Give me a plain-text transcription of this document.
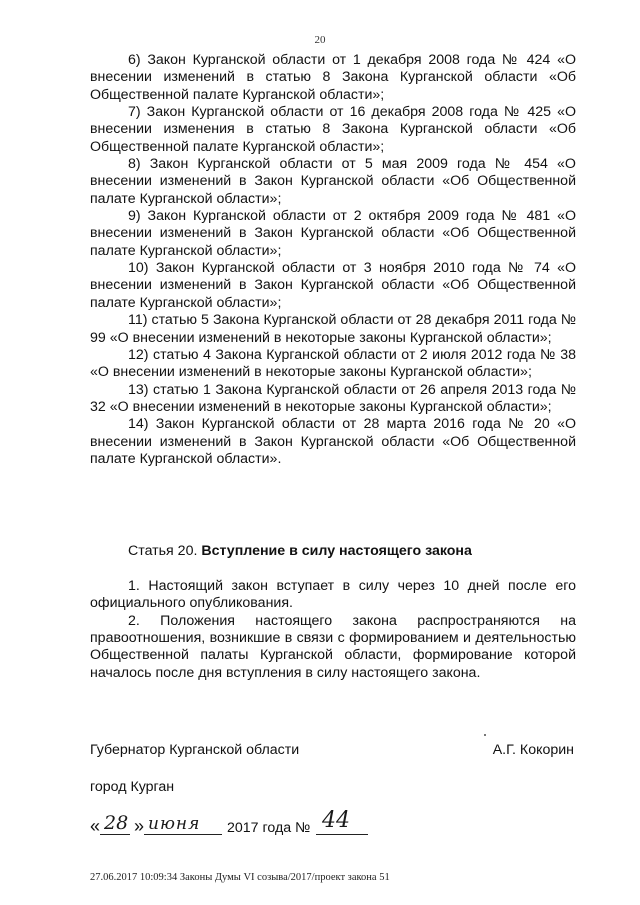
20

6) Закон Курганской области от 1 декабря 2008 года № 424 «О внесении изменений в статью 8 Закона Курганской области «Об Общественной палате Курганской области»;

7) Закон Курганской области от 16 декабря 2008 года № 425 «О внесении изменения в статью 8 Закона Курганской области «Об Общественной палате Курганской области»;

8) Закон Курганской области от 5 мая 2009 года № 454 «О внесении изменений в Закон Курганской области «Об Общественной палате Курганской области»;

9) Закон Курганской области от 2 октября 2009 года № 481 «О внесении изменений в Закон Курганской области «Об Общественной палате Курганской области»;

10) Закон Курганской области от 3 ноября 2010 года № 74 «О внесении изменений в Закон Курганской области «Об Общественной палате Курганской области»;

11) статью 5 Закона Курганской области от 28 декабря 2011 года № 99 «О внесении изменений в некоторые законы Курганской области»;

12) статью 4 Закона Курганской области от 2 июля 2012 года № 38 «О внесении изменений в некоторые законы Курганской области»;

13) статью 1 Закона Курганской области от 26 апреля 2013 года № 32 «О внесении изменений в некоторые законы Курганской области»;

14) Закон Курганской области от 28 марта 2016 года № 20 «О внесении изменений в Закон Курганской области «Об Общественной палате Курганской области».

Статья 20. Вступление в силу настоящего закона

1. Настоящий закон вступает в силу через 10 дней после его официального опубликования.

2. Положения настоящего закона распространяются на правоотношения, возникшие в связи с формированием и деятельностью Общественной палаты Курганской области, формирование которой началось после дня вступления в силу настоящего закона.

Губернатор Курганской области	А.Г. Кокорин
город Курган
« 28 » июня 2017 года № 44
27.06.2017 10:09:34 Законы Думы VI созыва/2017/проект закона 51
